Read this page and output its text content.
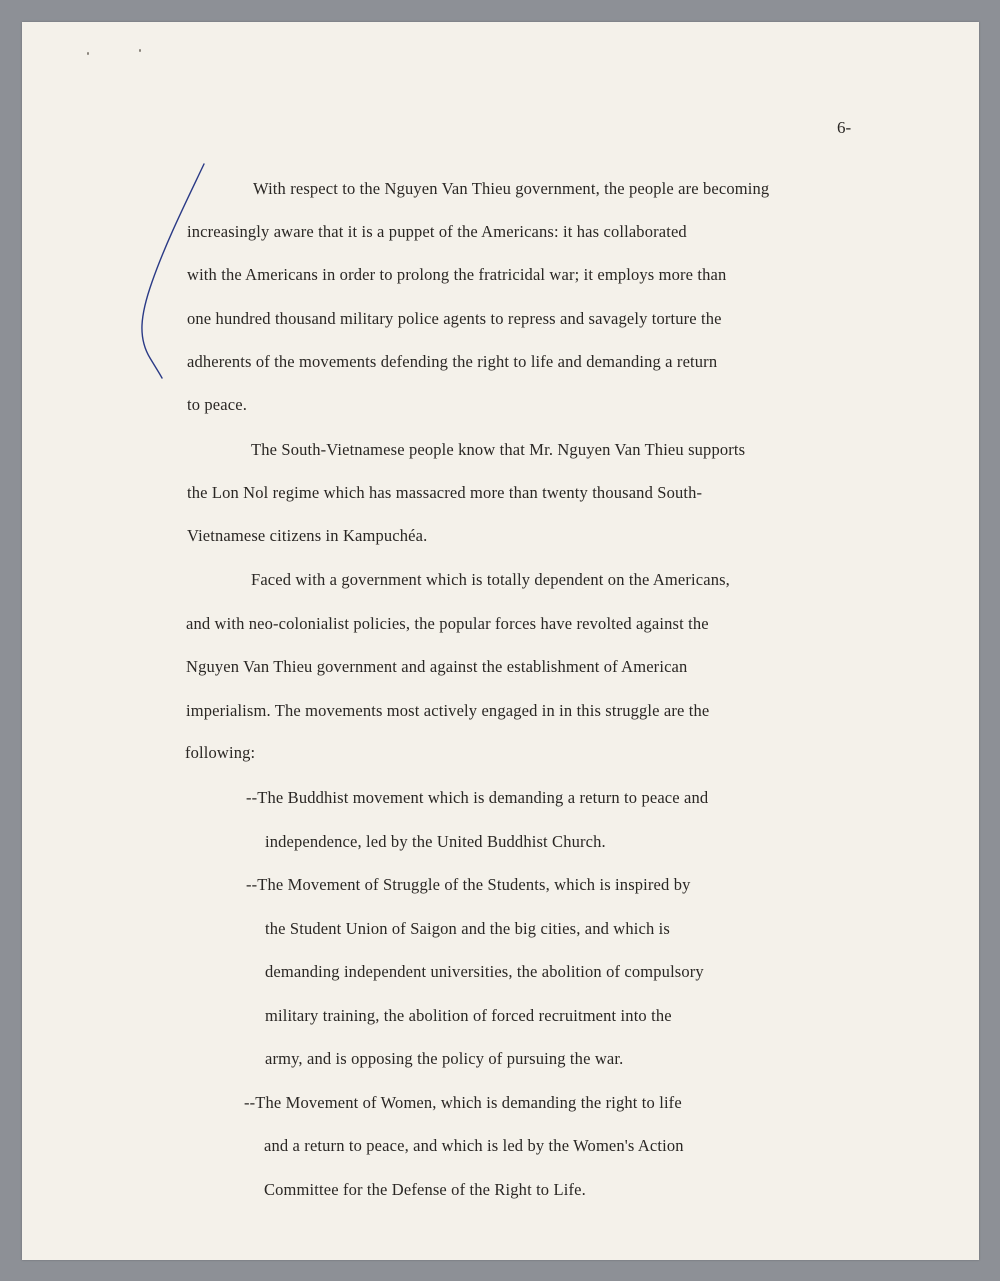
6-
With respect to the Nguyen Van Thieu government, the people are becoming
increasingly aware that it is a puppet of the Americans: it has collaborated
with the Americans in order to prolong the fratricidal war; it employs more than
one hundred thousand military police agents to repress and savagely torture the
adherents of the movements defending the right to life and demanding a return
to peace.
The South-Vietnamese people know that Mr. Nguyen Van Thieu supports
the Lon Nol regime which has massacred more than twenty thousand South-
Vietnamese citizens in Kampuchéa.
Faced with a government which is totally dependent on the Americans,
and with neo-colonialist policies, the popular forces have revolted against the
Nguyen Van Thieu government and against the establishment of American
imperialism. The movements most actively engaged in in this struggle are the
following:
--The Buddhist movement which is demanding a return to peace and
independence, led by the United Buddhist Church.
--The Movement of Struggle of the Students, which is inspired by
the Student Union of Saigon and the big cities, and which is
demanding independent universities, the abolition of compulsory
military training, the abolition of forced recruitment into the
army, and is opposing the policy of pursuing the war.
--The Movement of Women, which is demanding the right to life
and a return to peace, and which is led by the Women's Action
Committee for the Defense of the Right to Life.
